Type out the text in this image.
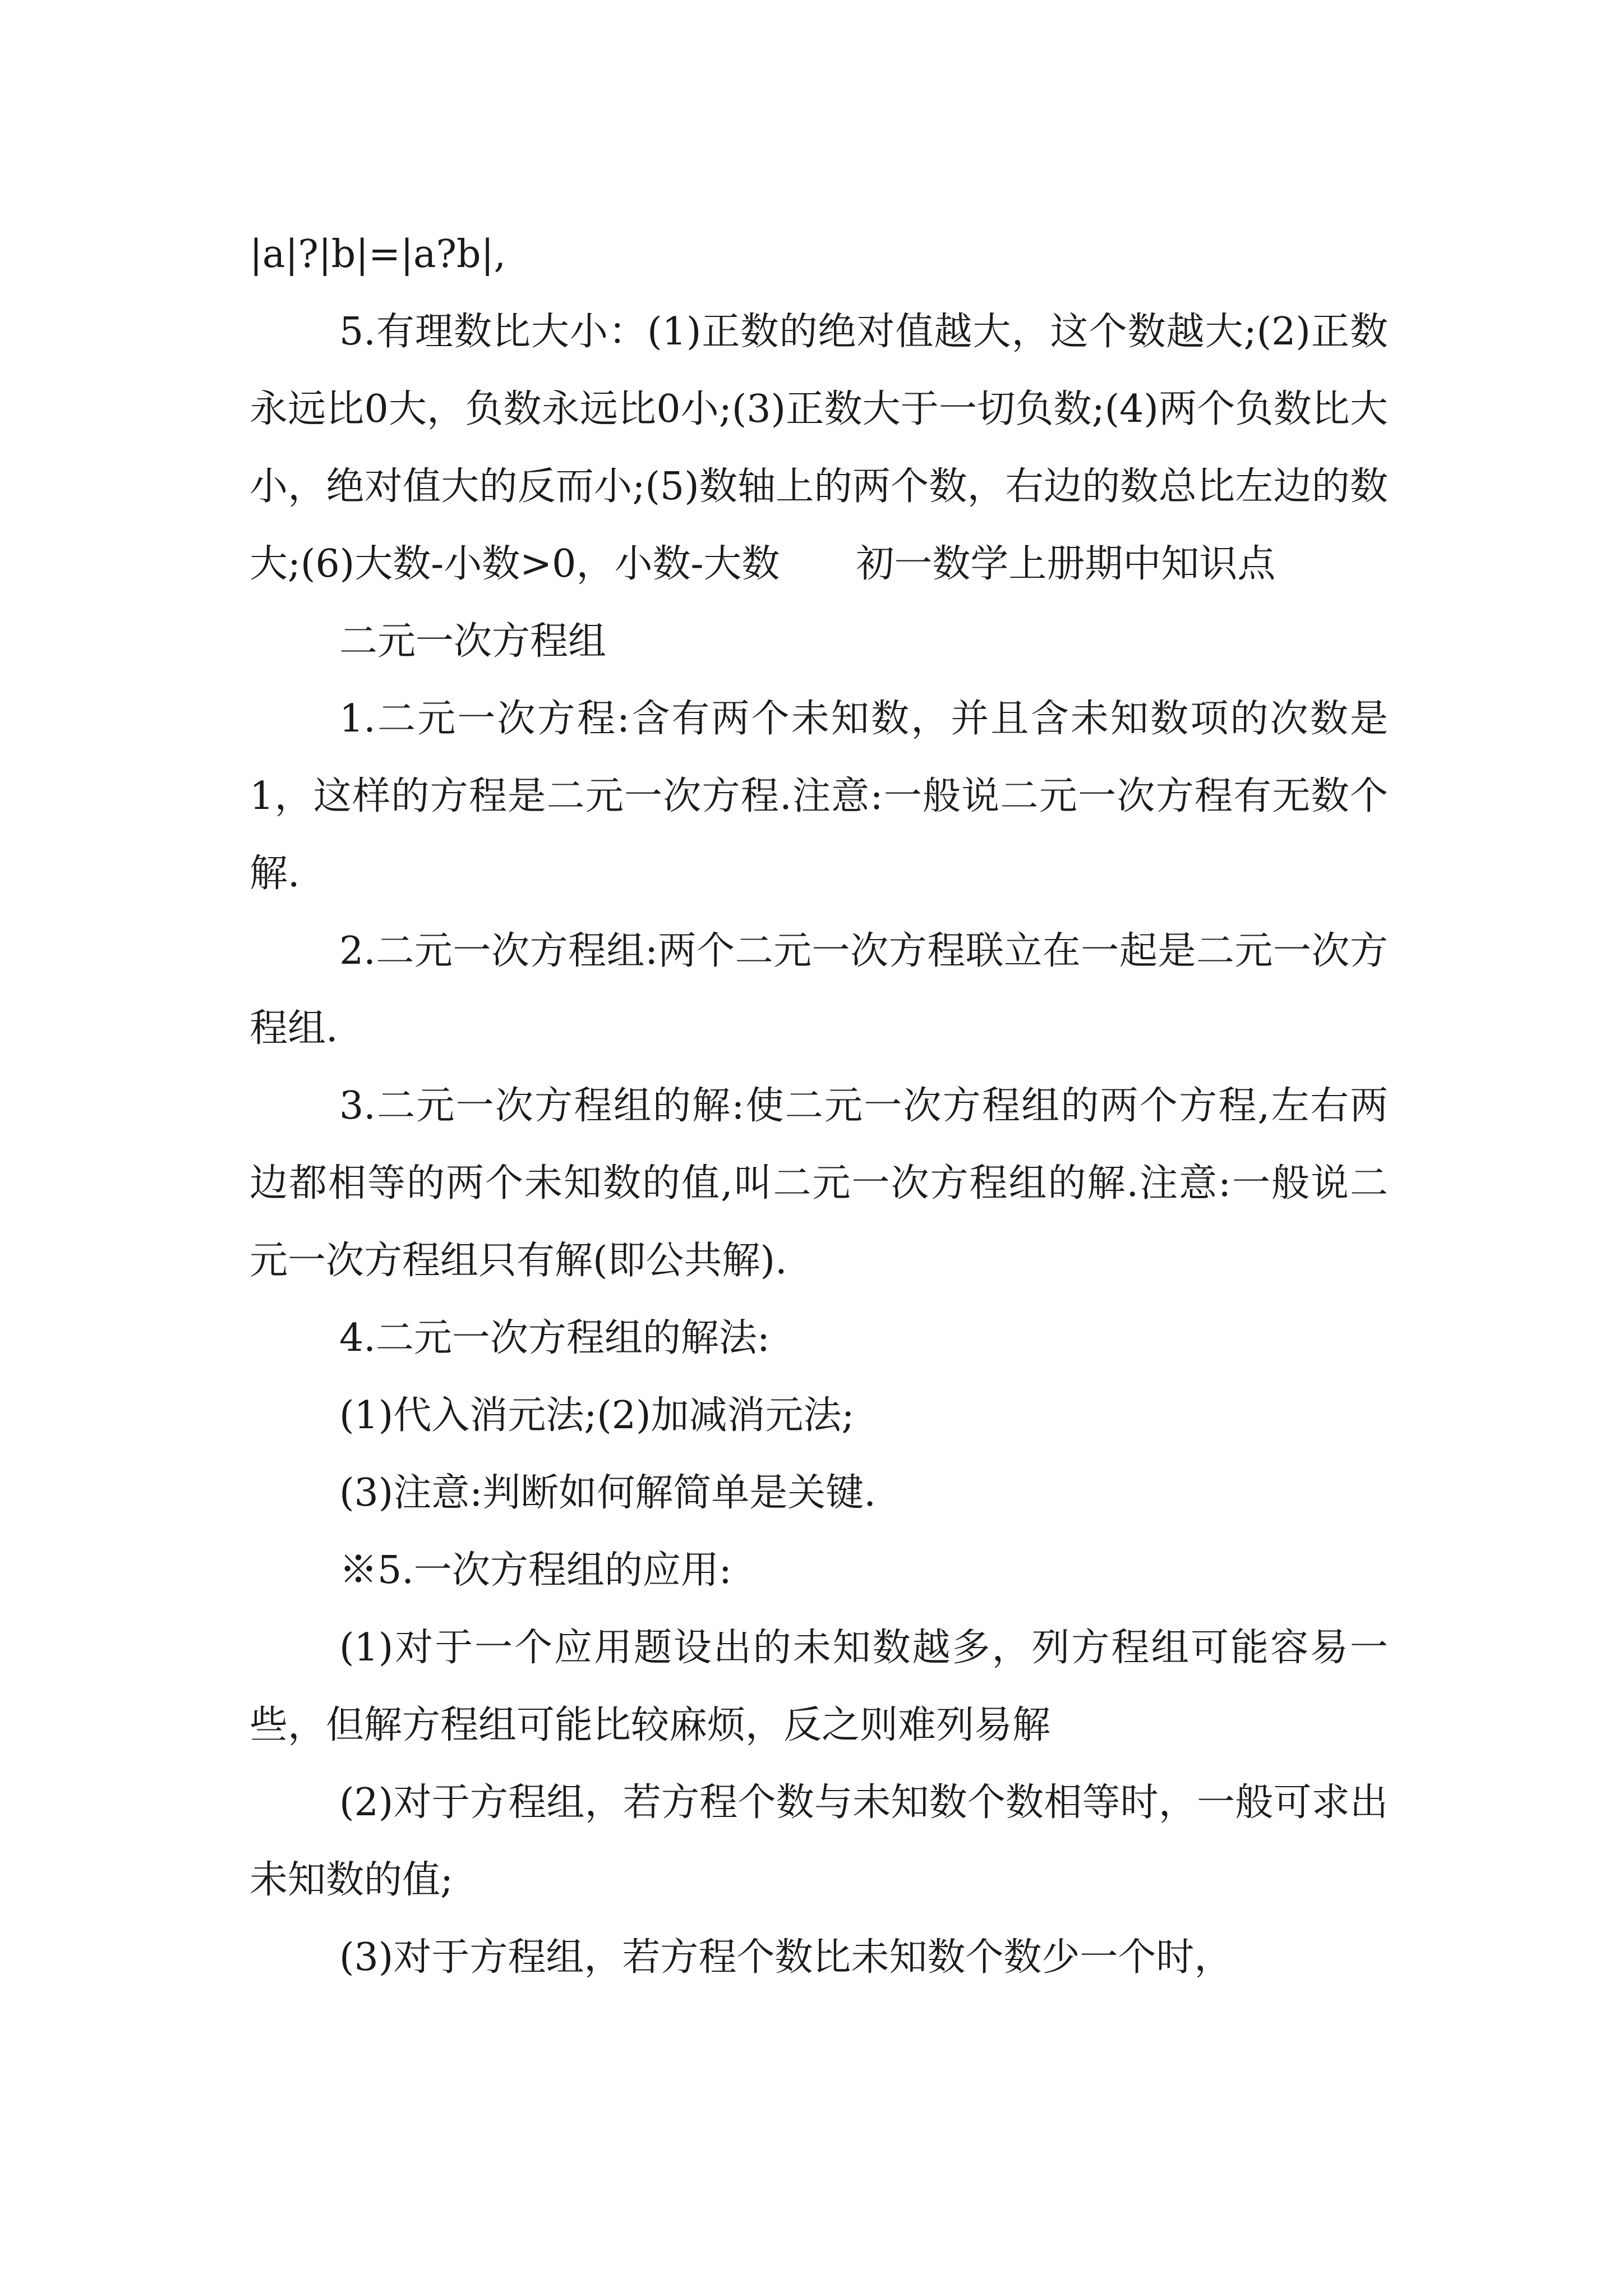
|a|?|b|=|a?b|,

5.有理数比大小：(1)正数的绝对值越大，这个数越大;(2)正数永远比0大，负数永远比0小;(3)正数大于一切负数;(4)两个负数比大小，绝对值大的反而小;(5)数轴上的两个数，右边的数总比左边的数大;(6)大数-小数>0，小数-大数　　初一数学上册期中知识点

二元一次方程组

1.二元一次方程:含有两个未知数，并且含未知数项的次数是1，这样的方程是二元一次方程.注意:一般说二元一次方程有无数个解.

2.二元一次方程组:两个二元一次方程联立在一起是二元一次方程组.

3.二元一次方程组的解:使二元一次方程组的两个方程,左右两边都相等的两个未知数的值,叫二元一次方程组的解.注意:一般说二元一次方程组只有解(即公共解).

4.二元一次方程组的解法:

(1)代入消元法;(2)加减消元法;

(3)注意:判断如何解简单是关键.

※5.一次方程组的应用:

(1)对于一个应用题设出的未知数越多，列方程组可能容易一些，但解方程组可能比较麻烦，反之则难列易解

(2)对于方程组，若方程个数与未知数个数相等时，一般可求出未知数的值;

(3)对于方程组，若方程个数比未知数个数少一个时，
